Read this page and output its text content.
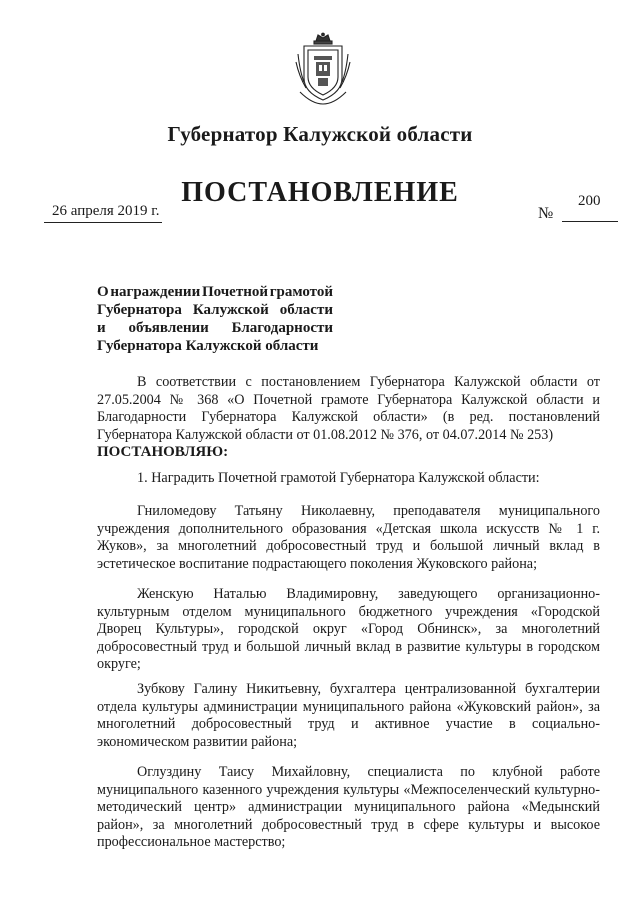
Губернатор Калужской области
ПОСТАНОВЛЕНИЕ
26 апреля 2019 г.	№
200
О награждении Почетной грамотой
Губернатора Калужской области
и объявлении Благодарности
Губернатора Калужской области

В соответствии с постановлением Губернатора Калужской области от 27.05.2004 № 368 «О Почетной грамоте Губернатора Калужской области и Благодарности Губернатора Калужской области» (в ред. постановлений Губернатора Калужской области от 01.08.2012 № 376, от 04.07.2014 № 253)

ПОСТАНОВЛЯЮ:

1. Наградить Почетной грамотой Губернатора Калужской области:

Гниломедову Татьяну Николаевну, преподавателя муниципального учреждения дополнительного образования «Детская школа искусств № 1 г. Жуков», за многолетний добросовестный труд и большой личный вклад в эстетическое воспитание подрастающего поколения Жуковского района;

Женскую Наталью Владимировну, заведующего организационно-культурным отделом муниципального бюджетного учреждения «Городской Дворец Культуры», городской округ «Город Обнинск», за многолетний добросовестный труд и большой личный вклад в развитие культуры в городском округе;

Зубкову Галину Никитьевну, бухгалтера централизованной бухгалтерии отдела культуры администрации муниципального района «Жуковский район», за многолетний добросовестный труд и активное участие в социально-экономическом развитии района;

Оглуздину Таису Михайловну, специалиста по клубной работе муниципального казенного учреждения культуры «Межпоселенческий культурно-методический центр» администрации муниципального района «Медынский район», за многолетний добросовестный труд в сфере культуры и высокое профессиональное мастерство;
